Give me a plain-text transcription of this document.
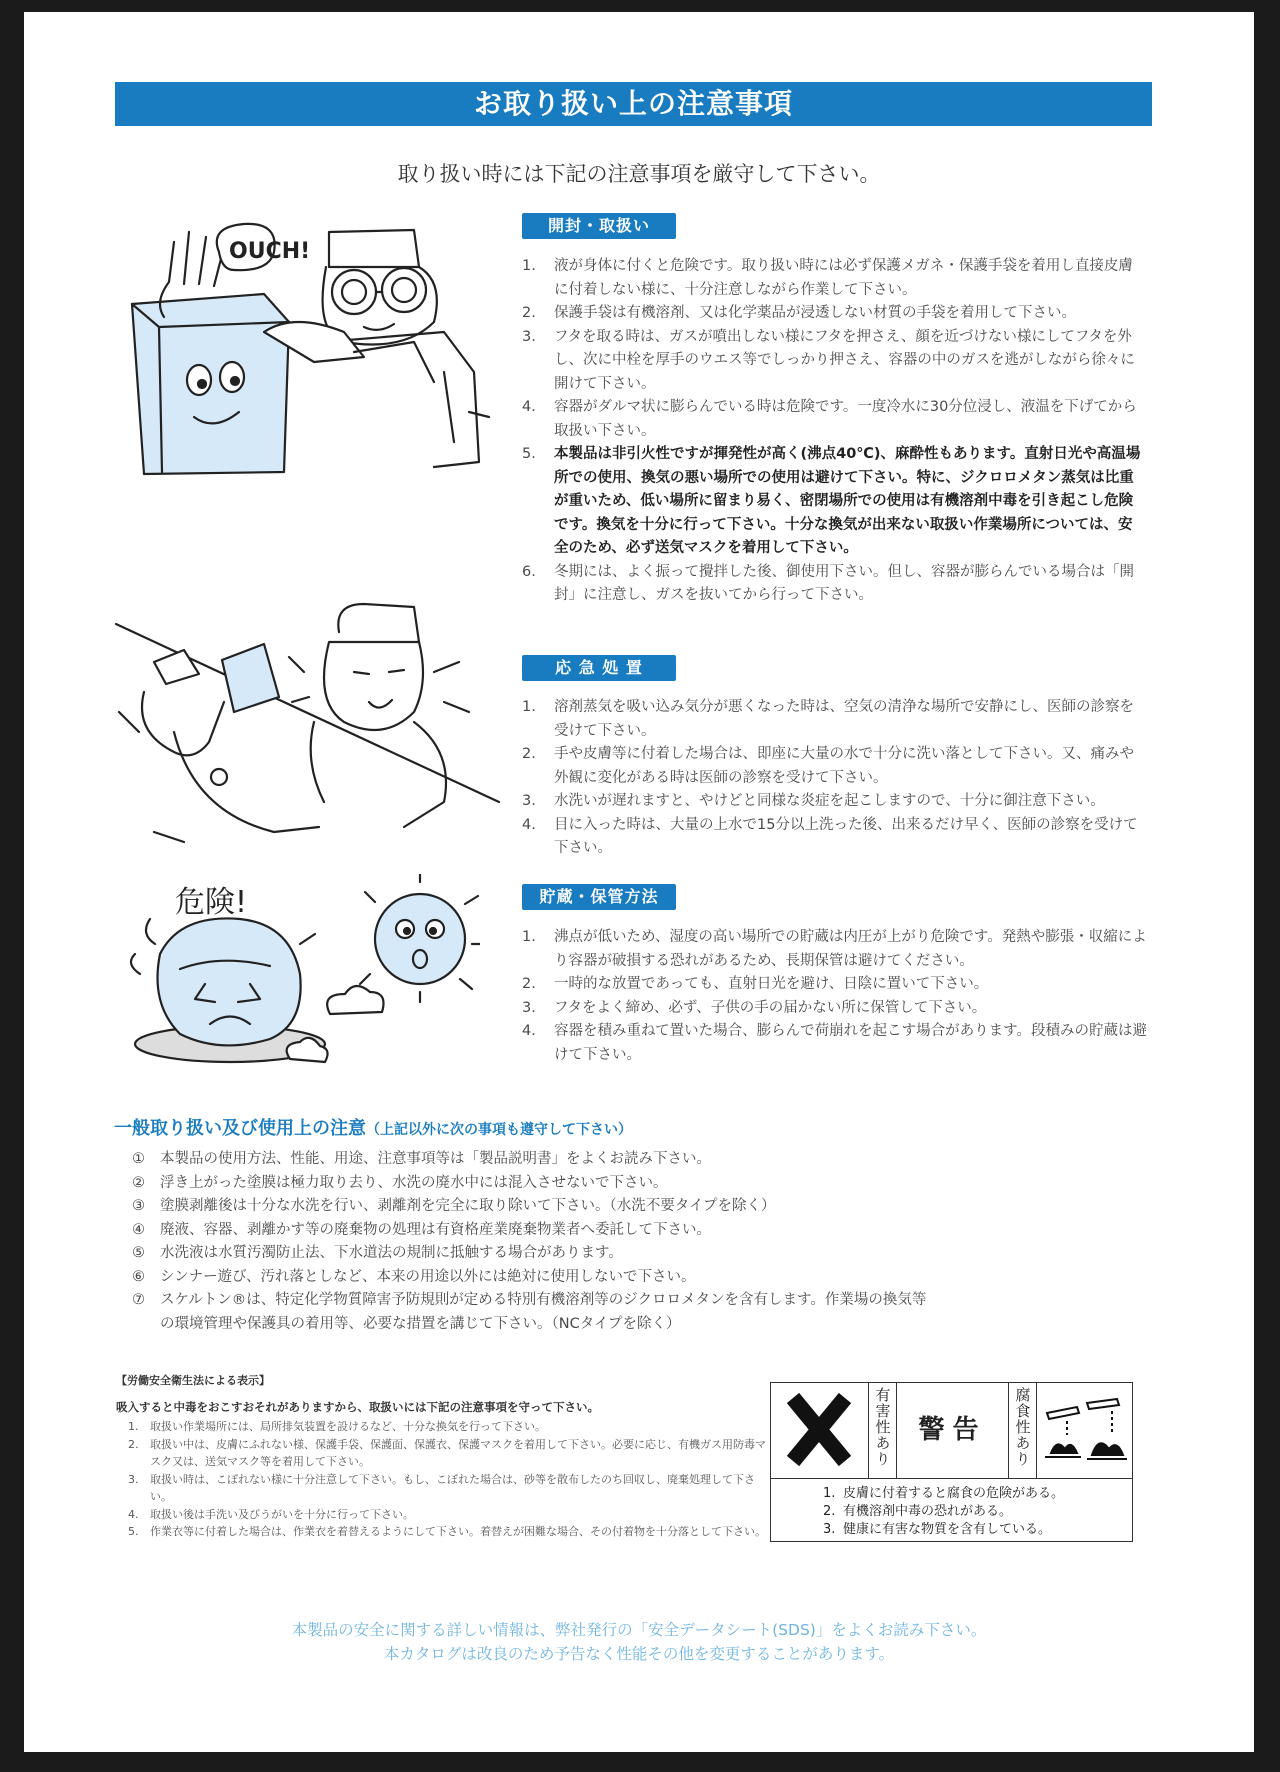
お取り扱い上の注意事項
取り扱い時には下記の注意事項を厳守して下さい。
OUCH!
危険!
開封・取扱い
1.	液が身体に付くと危険です。取り扱い時には必ず保護メガネ・保護手袋を着用し直接皮膚に付着しない様に、十分注意しながら作業して下さい。
2.	保護手袋は有機溶剤、又は化学薬品が浸透しない材質の手袋を着用して下さい。
3.	フタを取る時は、ガスが噴出しない様にフタを押さえ、顔を近づけない様にしてフタを外し、次に中栓を厚手のウエス等でしっかり押さえ、容器の中のガスを逃がしながら徐々に開けて下さい。
4.	容器がダルマ状に膨らんでいる時は危険です。一度冷水に30分位浸し、液温を下げてから取扱い下さい。
5.	本製品は非引火性ですが揮発性が高く(沸点40℃)、麻酔性もあります。直射日光や高温場所での使用、換気の悪い場所での使用は避けて下さい。特に、ジクロロメタン蒸気は比重が重いため、低い場所に留まり易く、密閉場所での使用は有機溶剤中毒を引き起こし危険です。換気を十分に行って下さい。十分な換気が出来ない取扱い作業場所については、安全のため、必ず送気マスクを着用して下さい。
6.	冬期には、よく振って攪拌した後、御使用下さい。但し、容器が膨らんでいる場合は「開封」に注意し、ガスを抜いてから行って下さい。
応 急 処 置
1.	溶剤蒸気を吸い込み気分が悪くなった時は、空気の清浄な場所で安静にし、医師の診察を受けて下さい。
2.	手や皮膚等に付着した場合は、即座に大量の水で十分に洗い落として下さい。又、痛みや外観に変化がある時は医師の診察を受けて下さい。
3.	水洗いが遅れますと、やけどと同様な炎症を起こしますので、十分に御注意下さい。
4.	目に入った時は、大量の上水で15分以上洗った後、出来るだけ早く、医師の診察を受けて下さい。
貯蔵・保管方法
1.	沸点が低いため、湿度の高い場所での貯蔵は内圧が上がり危険です。発熱や膨張・収縮により容器が破損する恐れがあるため、長期保管は避けてください。
2.	一時的な放置であっても、直射日光を避け、日陰に置いて下さい。
3.	フタをよく締め、必ず、子供の手の届かない所に保管して下さい。
4.	容器を積み重ねて置いた場合、膨らんで荷崩れを起こす場合があります。段積みの貯蔵は避けて下さい。
一般取り扱い及び使用上の注意（上記以外に次の事項も遵守して下さい）
①	本製品の使用方法、性能、用途、注意事項等は「製品説明書」をよくお読み下さい。
②	浮き上がった塗膜は極力取り去り、水洗の廃水中には混入させないで下さい。
③	塗膜剥離後は十分な水洗を行い、剥離剤を完全に取り除いて下さい。（水洗不要タイプを除く）
④	廃液、容器、剥離かす等の廃棄物の処理は有資格産業廃棄物業者へ委託して下さい。
⑤	水洗液は水質汚濁防止法、下水道法の規制に抵触する場合があります。
⑥	シンナー遊び、汚れ落としなど、本来の用途以外には絶対に使用しないで下さい。
⑦	スケルトン®は、特定化学物質障害予防規則が定める特別有機溶剤等のジクロロメタンを含有します。作業場の換気等の環境管理や保護具の着用等、必要な措置を講じて下さい。（NCタイプを除く）
【労働安全衛生法による表示】
吸入すると中毒をおこすおそれがありますから、取扱いには下記の注意事項を守って下さい。
1.	取扱い作業場所には、局所排気装置を設けるなど、十分な換気を行って下さい。
2.	取扱い中は、皮膚にふれない様、保護手袋、保護面、保護衣、保護マスクを着用して下さい。必要に応じ、有機ガス用防毒マスク又は、送気マスク等を着用して下さい。
3.	取扱い時は、こぼれない様に十分注意して下さい。もし、こぼれた場合は、砂等を散布したのち回収し、廃棄処理して下さい。
4.	取扱い後は手洗い及びうがいを十分に行って下さい。
5.	作業衣等に付着した場合は、作業衣を着替えるようにして下さい。着替えが困難な場合、その付着物を十分落として下さい。
有害性あり	警告	腐食性あり
1. 皮膚に付着すると腐食の危険がある。
2. 有機溶剤中毒の恐れがある。
3. 健康に有害な物質を含有している。
本製品の安全に関する詳しい情報は、弊社発行の「安全データシート(SDS)」をよくお読み下さい。
本カタログは改良のため予告なく性能その他を変更することがあります。
